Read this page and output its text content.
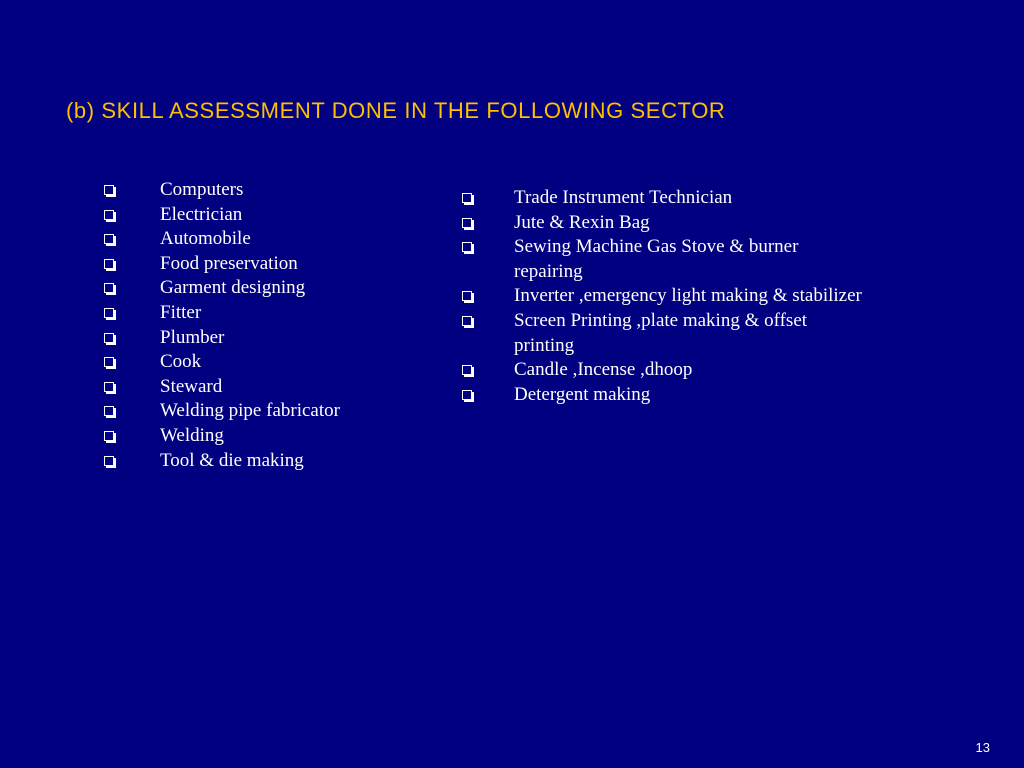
(b) SKILL ASSESSMENT DONE IN THE FOLLOWING SECTOR
Computers
Electrician
Automobile
Food preservation
Garment designing
Fitter
Plumber
Cook
Steward
Welding pipe fabricator
Welding
Tool & die making
Trade Instrument Technician
Jute & Rexin Bag
Sewing Machine Gas Stove & burner repairing
Inverter ,emergency light making & stabilizer
Screen Printing ,plate making & offset printing
Candle ,Incense ,dhoop
Detergent making
13
